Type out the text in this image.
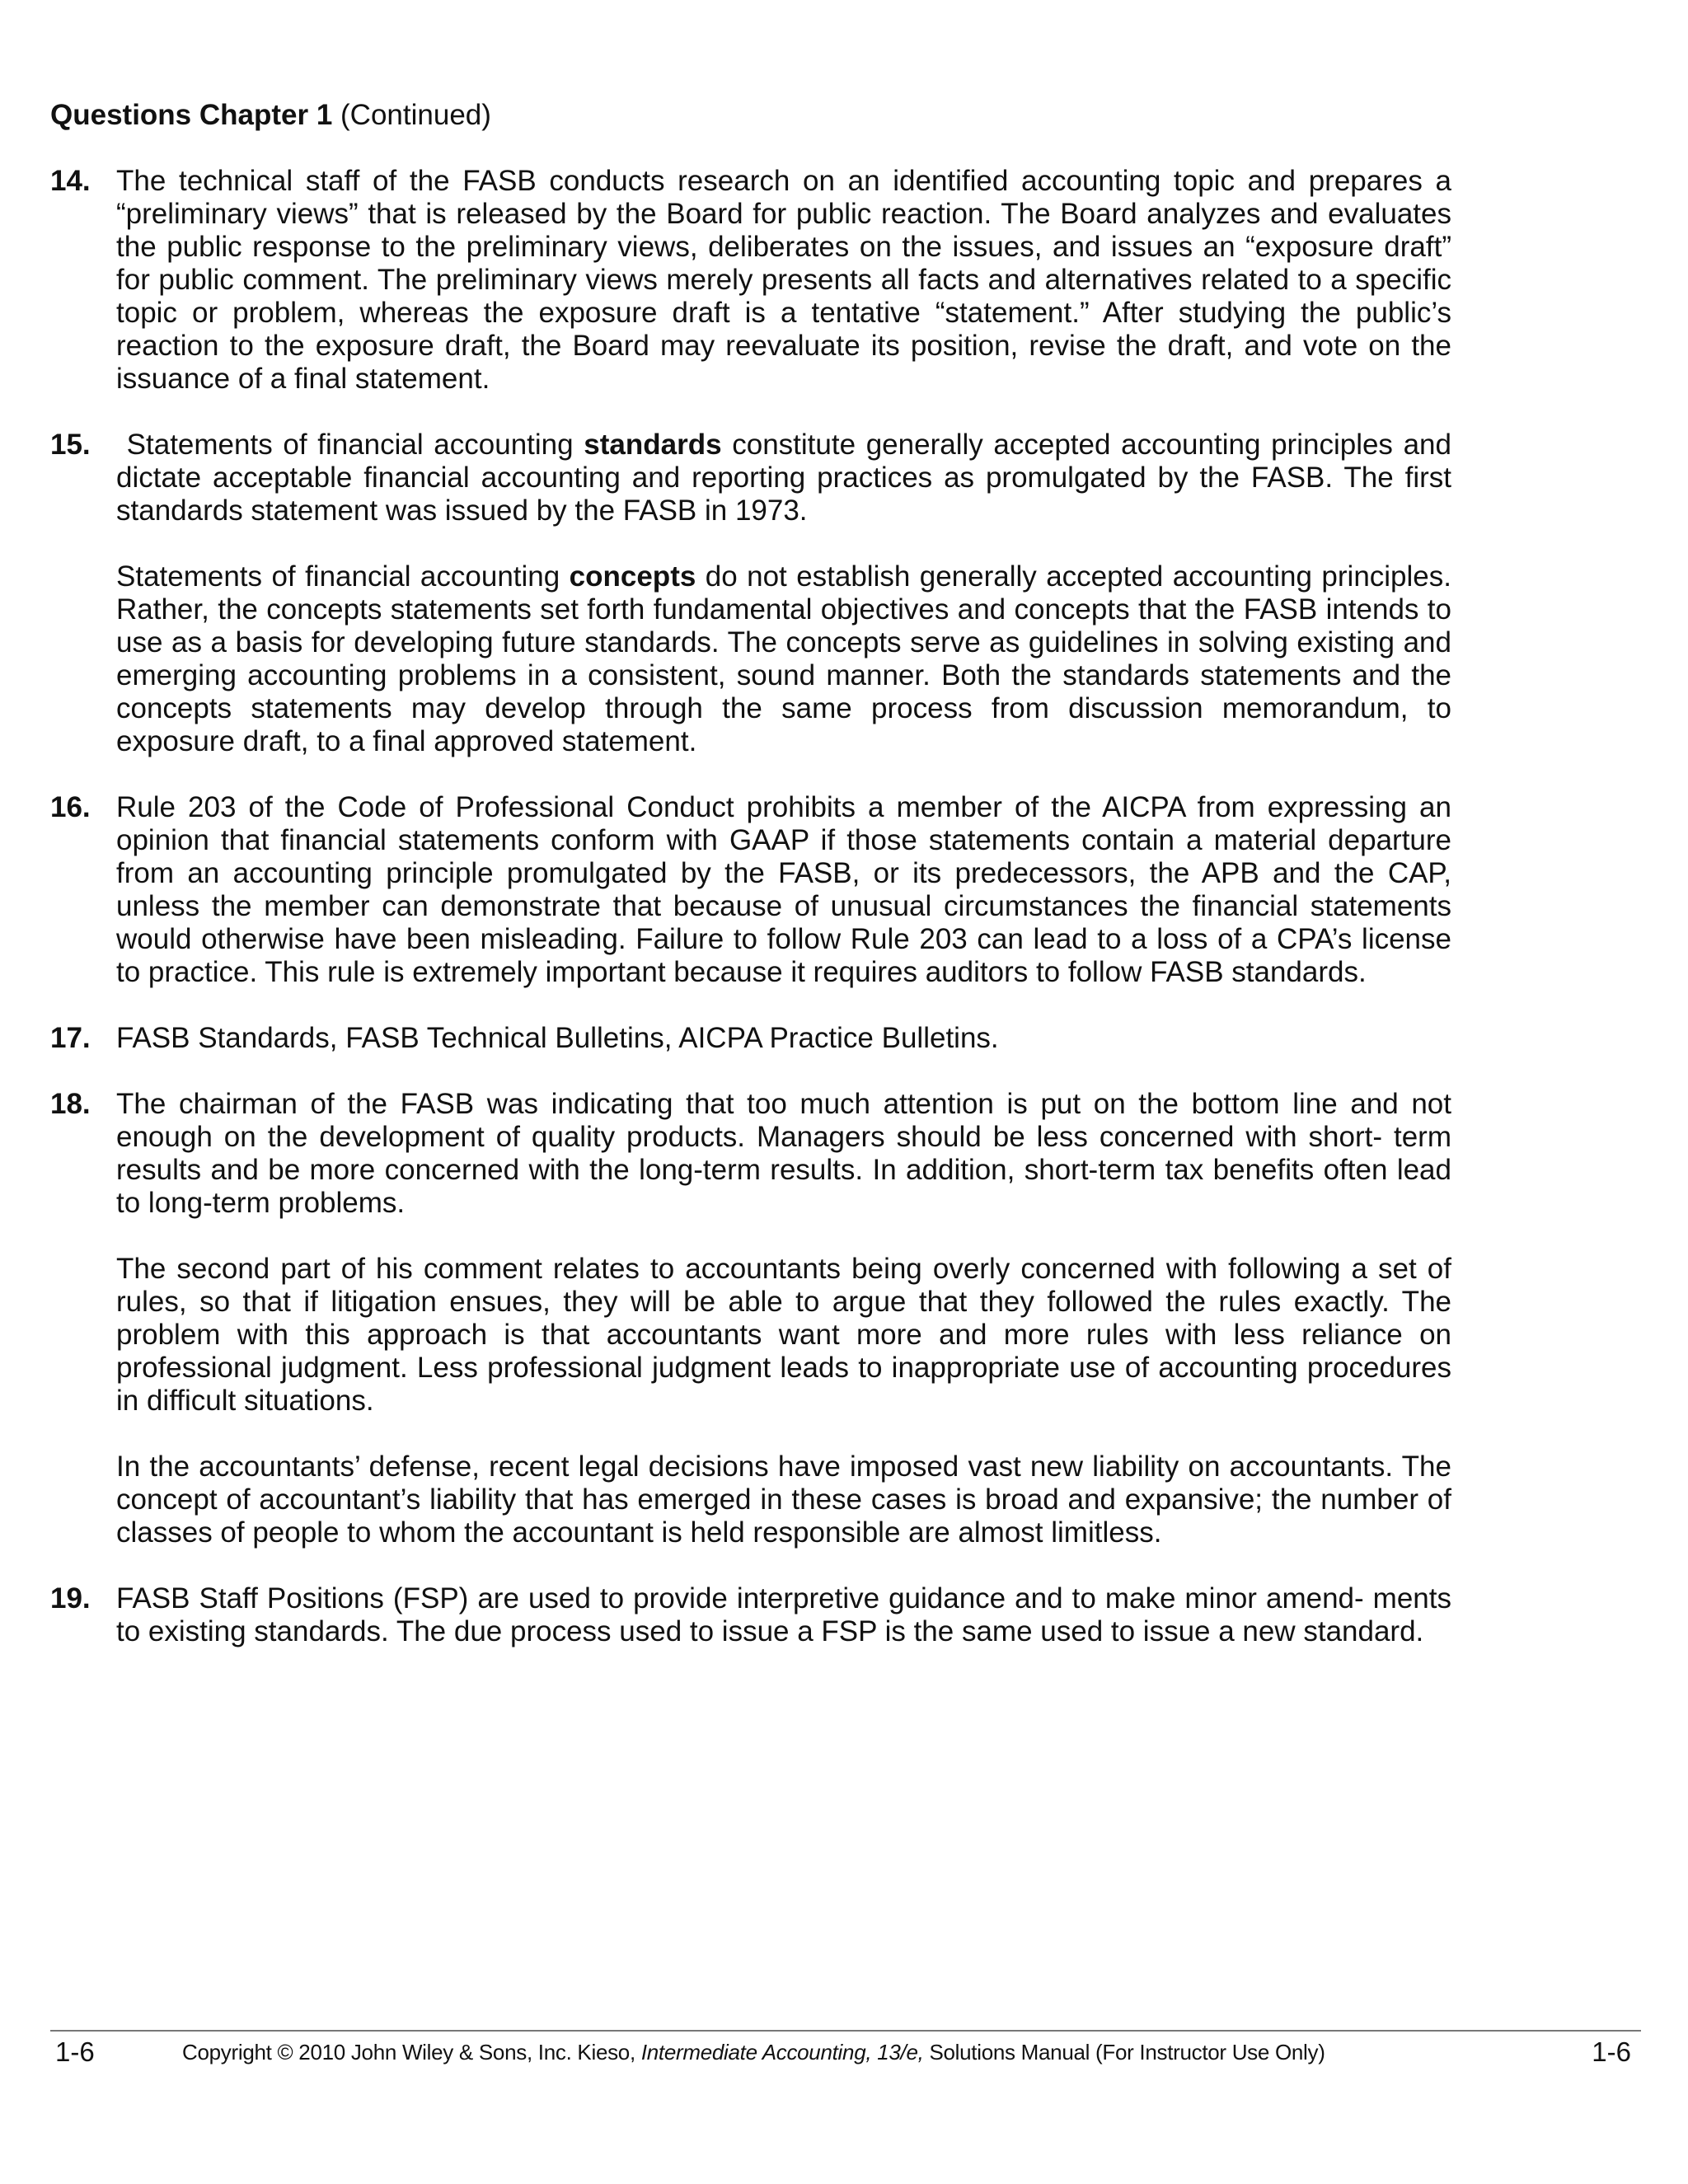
Questions Chapter 1 (Continued)
14. The technical staff of the FASB conducts research on an identified accounting topic and prepares a “preliminary views” that is released by the Board for public reaction. The Board analyzes and evaluates the public response to the preliminary views, deliberates on the issues, and issues an “exposure draft” for public comment. The preliminary views merely presents all facts and alternatives related to a specific topic or problem, whereas the exposure draft is a tentative “statement.” After studying the public’s reaction to the exposure draft, the Board may reevaluate its position, revise the draft, and vote on the issuance of a final statement.

15.	Statements of financial accounting standards constitute generally accepted accounting principles and dictate acceptable financial accounting and reporting practices as promulgated by the FASB. The first standards statement was issued by the FASB in 1973.

Statements of financial accounting concepts do not establish generally accepted accounting principles. Rather, the concepts statements set forth fundamental objectives and concepts that the FASB intends to use as a basis for developing future standards. The concepts serve as guidelines in solving existing and emerging accounting problems in a consistent, sound manner. Both the standards statements and the concepts statements may develop through the same process from discussion memorandum, to exposure draft, to a final approved statement.

16. Rule 203 of the Code of Professional Conduct prohibits a member of the AICPA from expressing an opinion that financial statements conform with GAAP if those statements contain a material departure from an accounting principle promulgated by the FASB, or its predecessors, the APB and the CAP, unless the member can demonstrate that because of unusual circumstances the financial statements would otherwise have been misleading. Failure to follow Rule 203 can lead to a loss of a CPA’s license to practice. This rule is extremely important because it requires auditors to follow FASB standards.

17. FASB Standards, FASB Technical Bulletins, AICPA Practice Bulletins.

18. The chairman of the FASB was indicating that too much attention is put on the bottom line and not enough on the development of quality products. Managers should be less concerned with short- term results and be more concerned with the long-term results. In addition, short-term tax benefits often lead to long-term problems.

The second part of his comment relates to accountants being overly concerned with following a set of rules, so that if litigation ensues, they will be able to argue that they followed the rules exactly. The problem with this approach is that accountants want more and more rules with less reliance on professional judgment. Less professional judgment leads to inappropriate use of accounting procedures in difficult situations.

In the accountants’ defense, recent legal decisions have imposed vast new liability on accountants. The concept of accountant’s liability that has emerged in these cases is broad and expansive; the number of classes of people to whom the accountant is held responsible are almost limitless.

19. FASB Staff Positions (FSP) are used to provide interpretive guidance and to make minor amend- ments to existing standards. The due process used to issue a FSP is the same used to issue a new standard.

1-6	Copyright © 2010 John Wiley & Sons, Inc. Kieso, Intermediate Accounting, 13/e, Solutions Manual (For Instructor Use Only)	1-6
